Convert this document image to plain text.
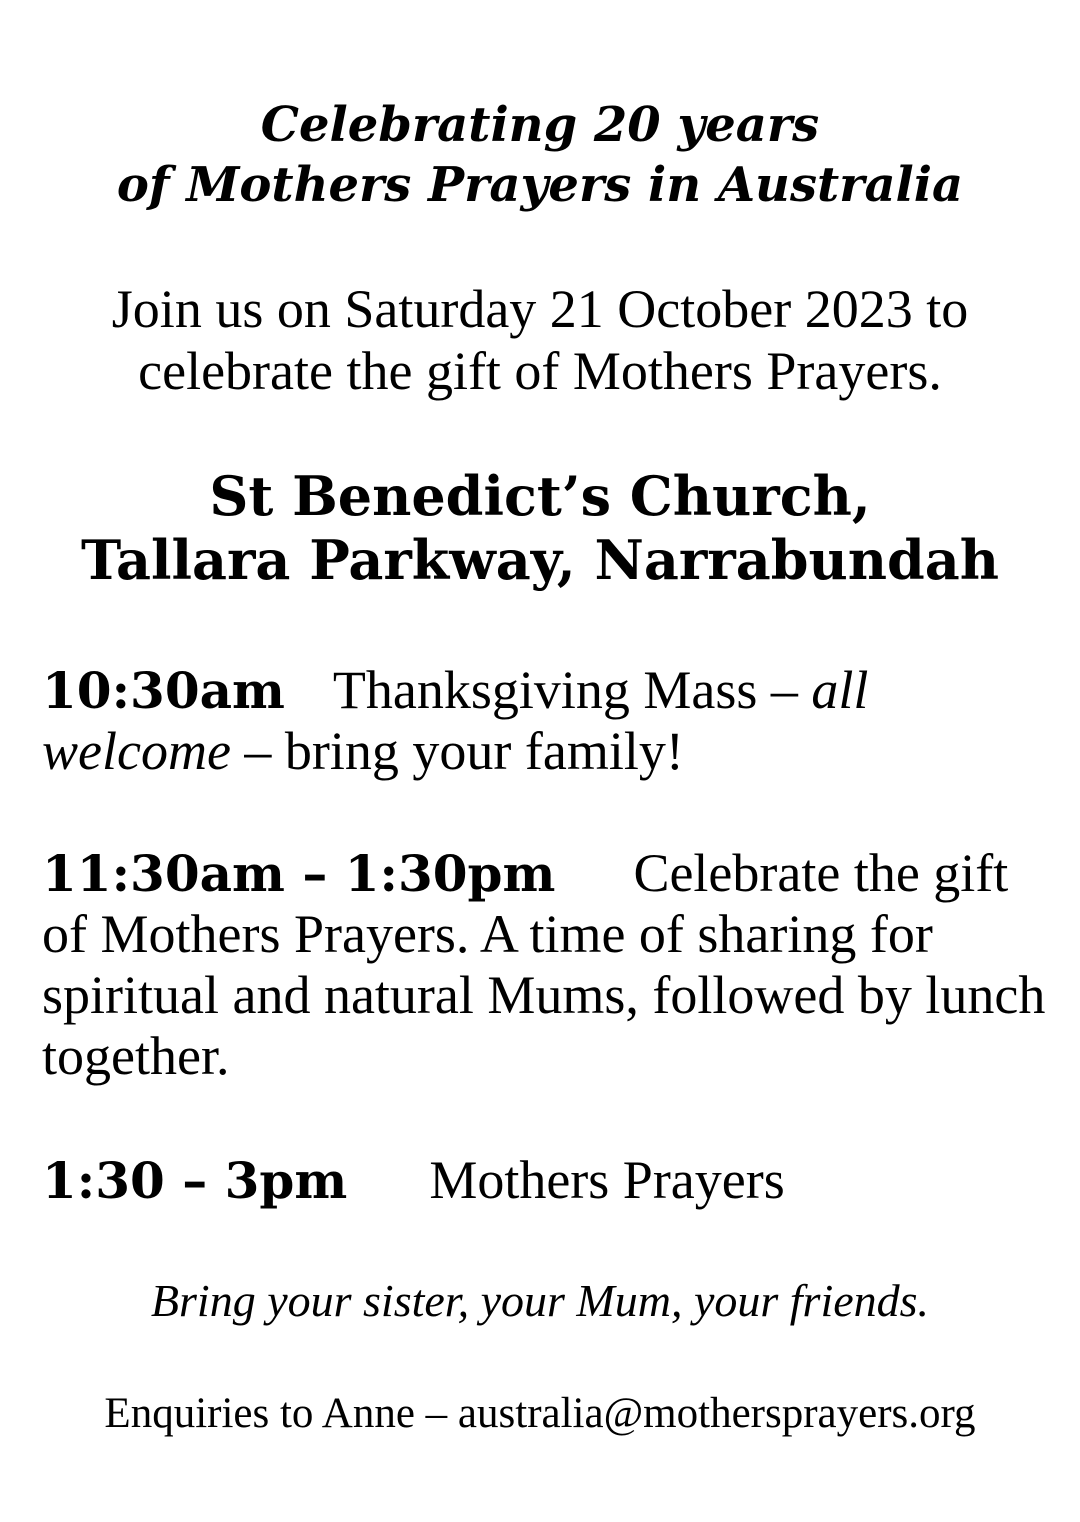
Celebrating 20 years
of Mothers Prayers in Australia

Join us on Saturday 21 October 2023 to
celebrate the gift of Mothers Prayers.

St Benedict’s Church,
Tallara Parkway, Narrabundah

10:30am Thanksgiving Mass – all welcome – bring your family!

11:30am – 1:30pm Celebrate the gift of Mothers Prayers. A time of sharing for spiritual and natural Mums, followed by lunch together.

1:30 – 3pm Mothers Prayers

Bring your sister, your Mum, your friends.

Enquiries to Anne – australia@mothersprayers.org
